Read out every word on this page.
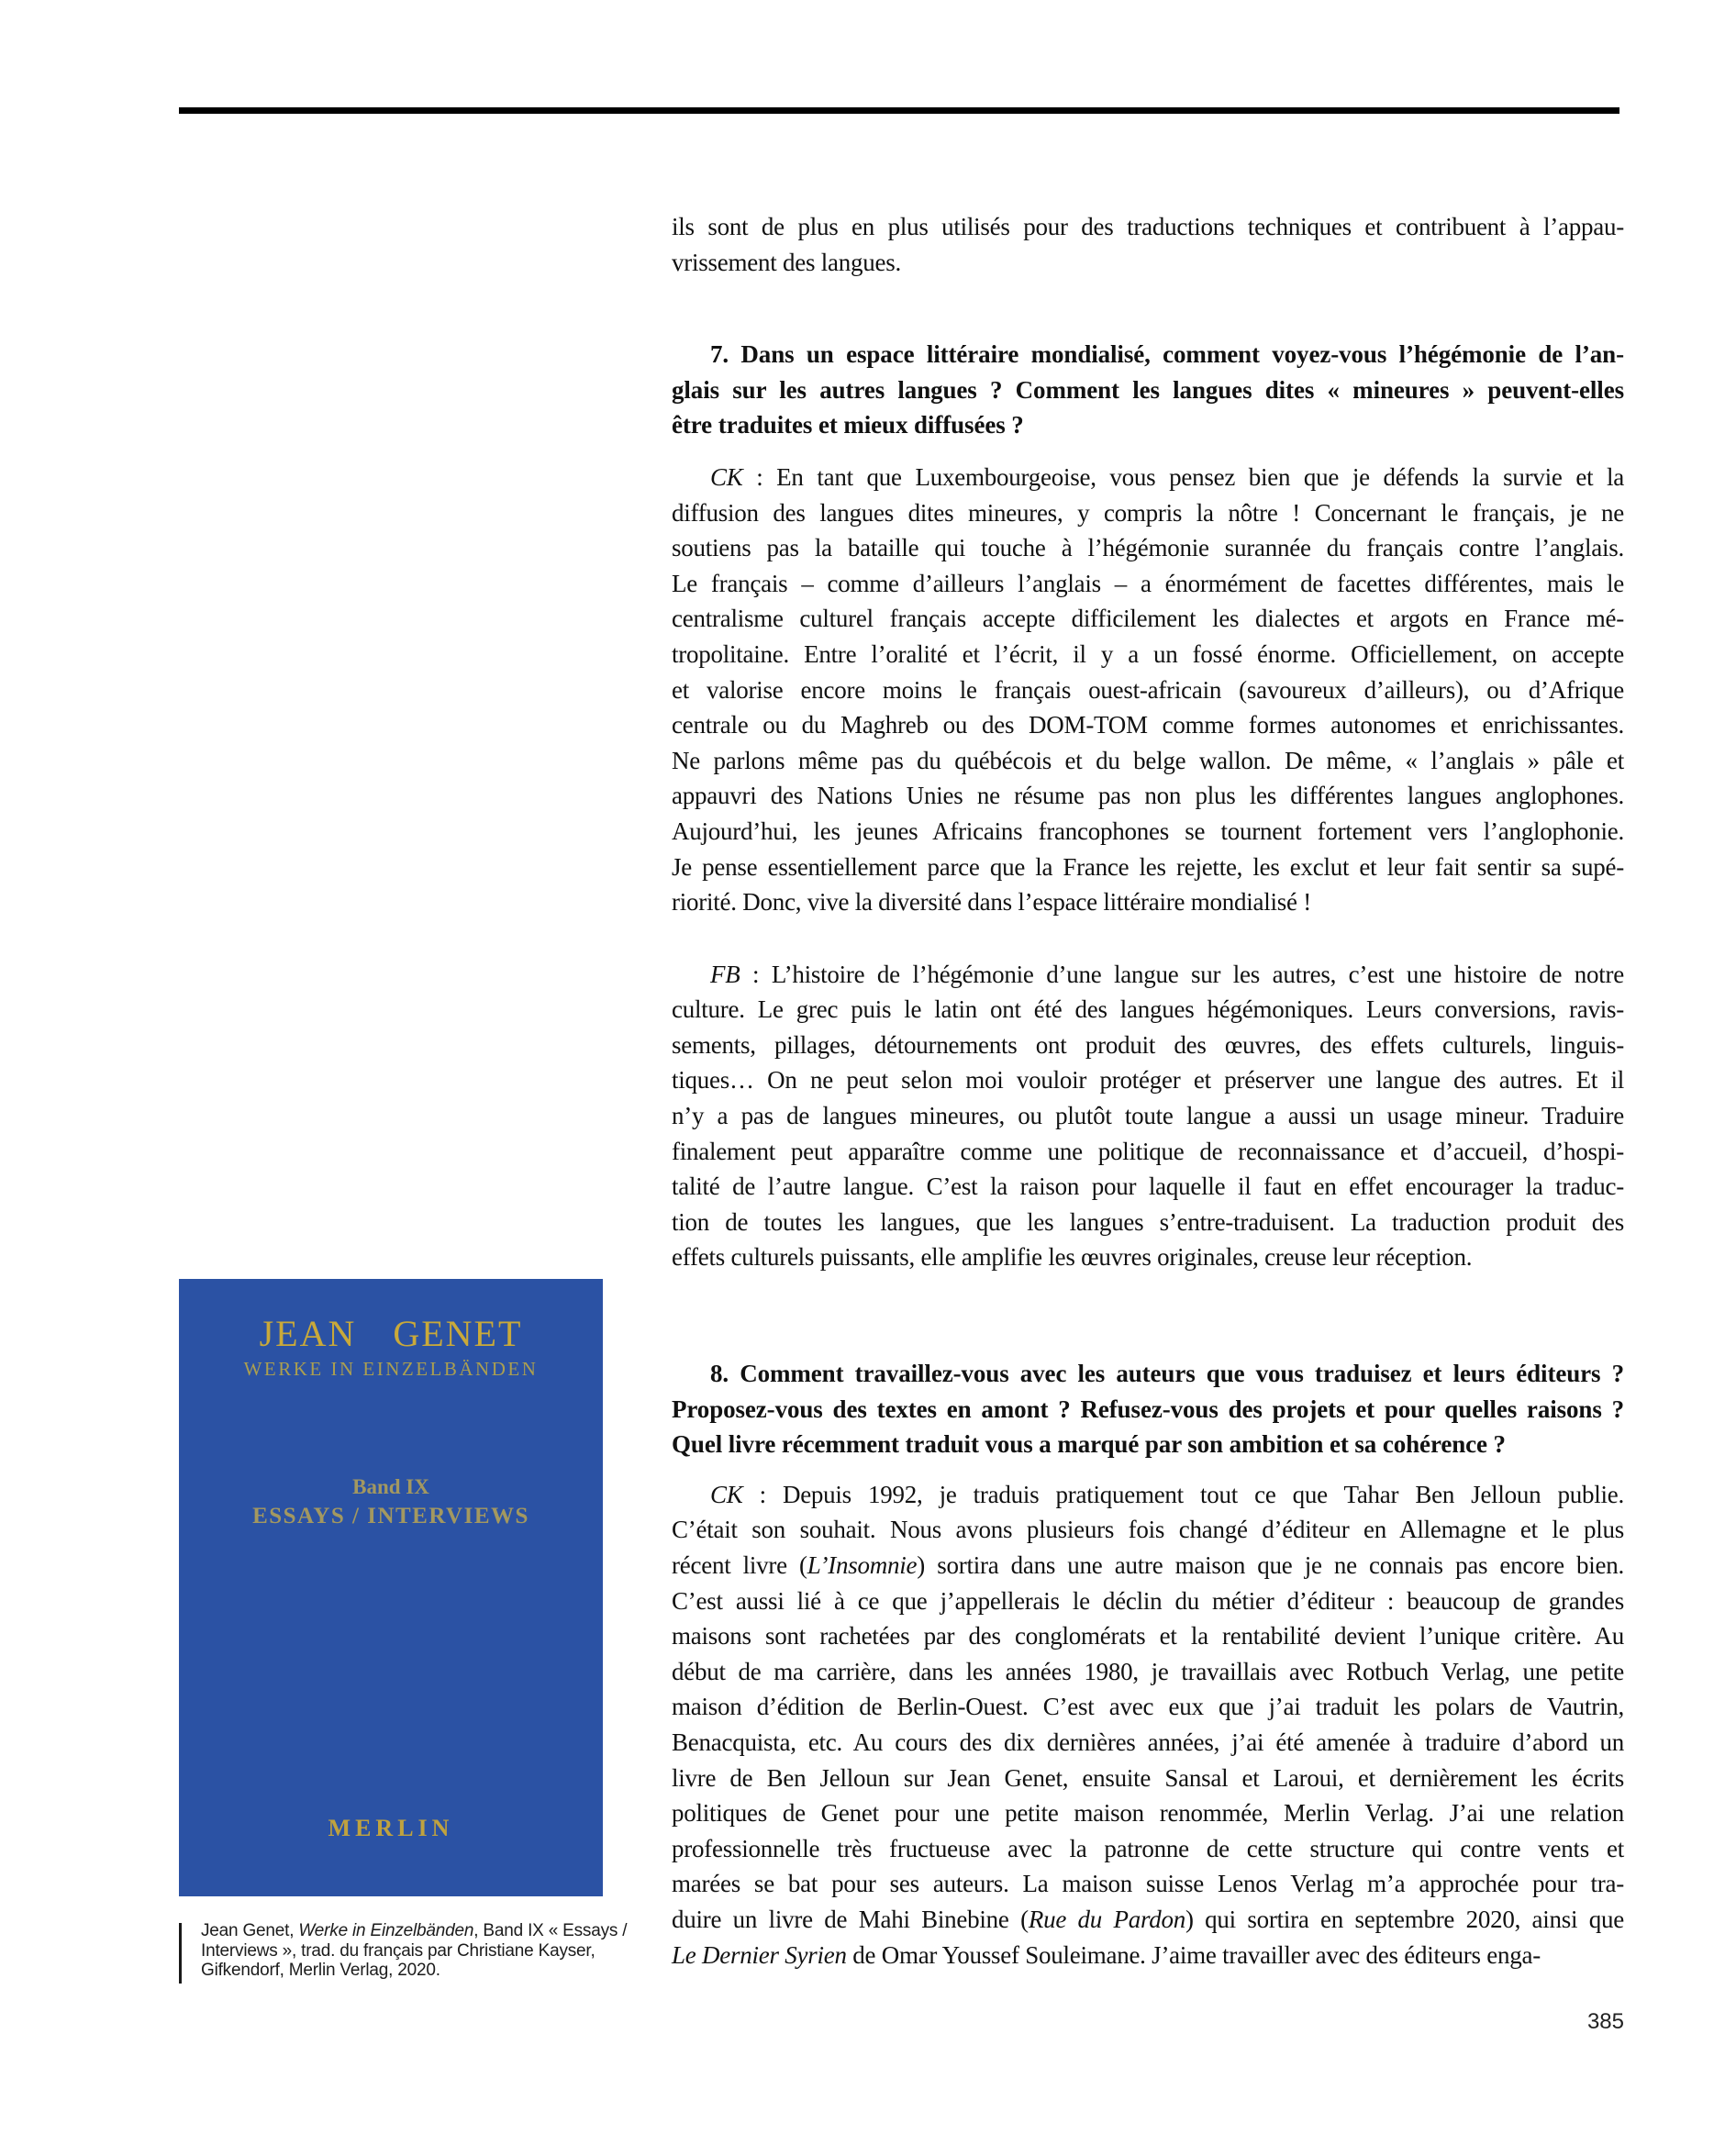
ils sont de plus en plus utilisés pour des traductions techniques et contribuent à l’appau-
vrissement des langues.
7. Dans un espace littéraire mondialisé, comment voyez-vous l’hégémonie de l’an-
glais sur les autres langues ? Comment les langues dites « mineures » peuvent-elles
être traduites et mieux diffusées ?
CK : En tant que Luxembourgeoise, vous pensez bien que je défends la survie et la
diffusion des langues dites mineures, y compris la nôtre ! Concernant le français, je ne
soutiens pas la bataille qui touche à l’hégémonie surannée du français contre l’anglais.
Le français – comme d’ailleurs l’anglais – a énormément de facettes différentes, mais le
centralisme culturel français accepte difficilement les dialectes et argots en France mé-
tropolitaine. Entre l’oralité et l’écrit, il y a un fossé énorme. Officiellement, on accepte
et valorise encore moins le français ouest-africain (savoureux d’ailleurs), ou d’Afrique
centrale ou du Maghreb ou des DOM-TOM comme formes autonomes et enrichissantes.
Ne parlons même pas du québécois et du belge wallon. De même, « l’anglais » pâle et
appauvri des Nations Unies ne résume pas non plus les différentes langues anglophones.
Aujourd’hui, les jeunes Africains francophones se tournent fortement vers l’anglophonie.
Je pense essentiellement parce que la France les rejette, les exclut et leur fait sentir sa supé-
riorité. Donc, vive la diversité dans l’espace littéraire mondialisé !
FB : L’histoire de l’hégémonie d’une langue sur les autres, c’est une histoire de notre
culture. Le grec puis le latin ont été des langues hégémoniques. Leurs conversions, ravis-
sements, pillages, détournements ont produit des œuvres, des effets culturels, linguis-
tiques… On ne peut selon moi vouloir protéger et préserver une langue des autres. Et il
n’y a pas de langues mineures, ou plutôt toute langue a aussi un usage mineur. Traduire
finalement peut apparaître comme une politique de reconnaissance et d’accueil, d’hospi-
talité de l’autre langue. C’est la raison pour laquelle il faut en effet encourager la traduc-
tion de toutes les langues, que les langues s’entre-traduisent. La traduction produit des
effets culturels puissants, elle amplifie les œuvres originales, creuse leur réception.
8. Comment travaillez-vous avec les auteurs que vous traduisez et leurs éditeurs ?
Proposez-vous des textes en amont ? Refusez-vous des projets et pour quelles raisons ?
Quel livre récemment traduit vous a marqué par son ambition et sa cohérence ?
CK : Depuis 1992, je traduis pratiquement tout ce que Tahar Ben Jelloun publie.
C’était son souhait. Nous avons plusieurs fois changé d’éditeur en Allemagne et le plus
récent livre (L’Insomnie) sortira dans une autre maison que je ne connais pas encore bien.
C’est aussi lié à ce que j’appellerais le déclin du métier d’éditeur : beaucoup de grandes
maisons sont rachetées par des conglomérats et la rentabilité devient l’unique critère. Au
début de ma carrière, dans les années 1980, je travaillais avec Rotbuch Verlag, une petite
maison d’édition de Berlin-Ouest. C’est avec eux que j’ai traduit les polars de Vautrin,
Benacquista, etc. Au cours des dix dernières années, j’ai été amenée à traduire d’abord un
livre de Ben Jelloun sur Jean Genet, ensuite Sansal et Laroui, et dernièrement les écrits
politiques de Genet pour une petite maison renommée, Merlin Verlag. J’ai une relation
professionnelle très fructueuse avec la patronne de cette structure qui contre vents et
marées se bat pour ses auteurs. La maison suisse Lenos Verlag m’a approchée pour tra-
duire un livre de Mahi Binebine (Rue du Pardon) qui sortira en septembre 2020, ainsi que
Le Dernier Syrien de Omar Youssef Souleimane. J’aime travailler avec des éditeurs enga-
JEAN GENET
WERKE IN EINZELBÄNDEN
Band IX
ESSAYS / INTERVIEWS
MERLIN
Jean Genet, Werke in Einzelbänden, Band IX « Essays /
Interviews », trad. du français par Christiane Kayser,
Gifkendorf, Merlin Verlag, 2020.
385
